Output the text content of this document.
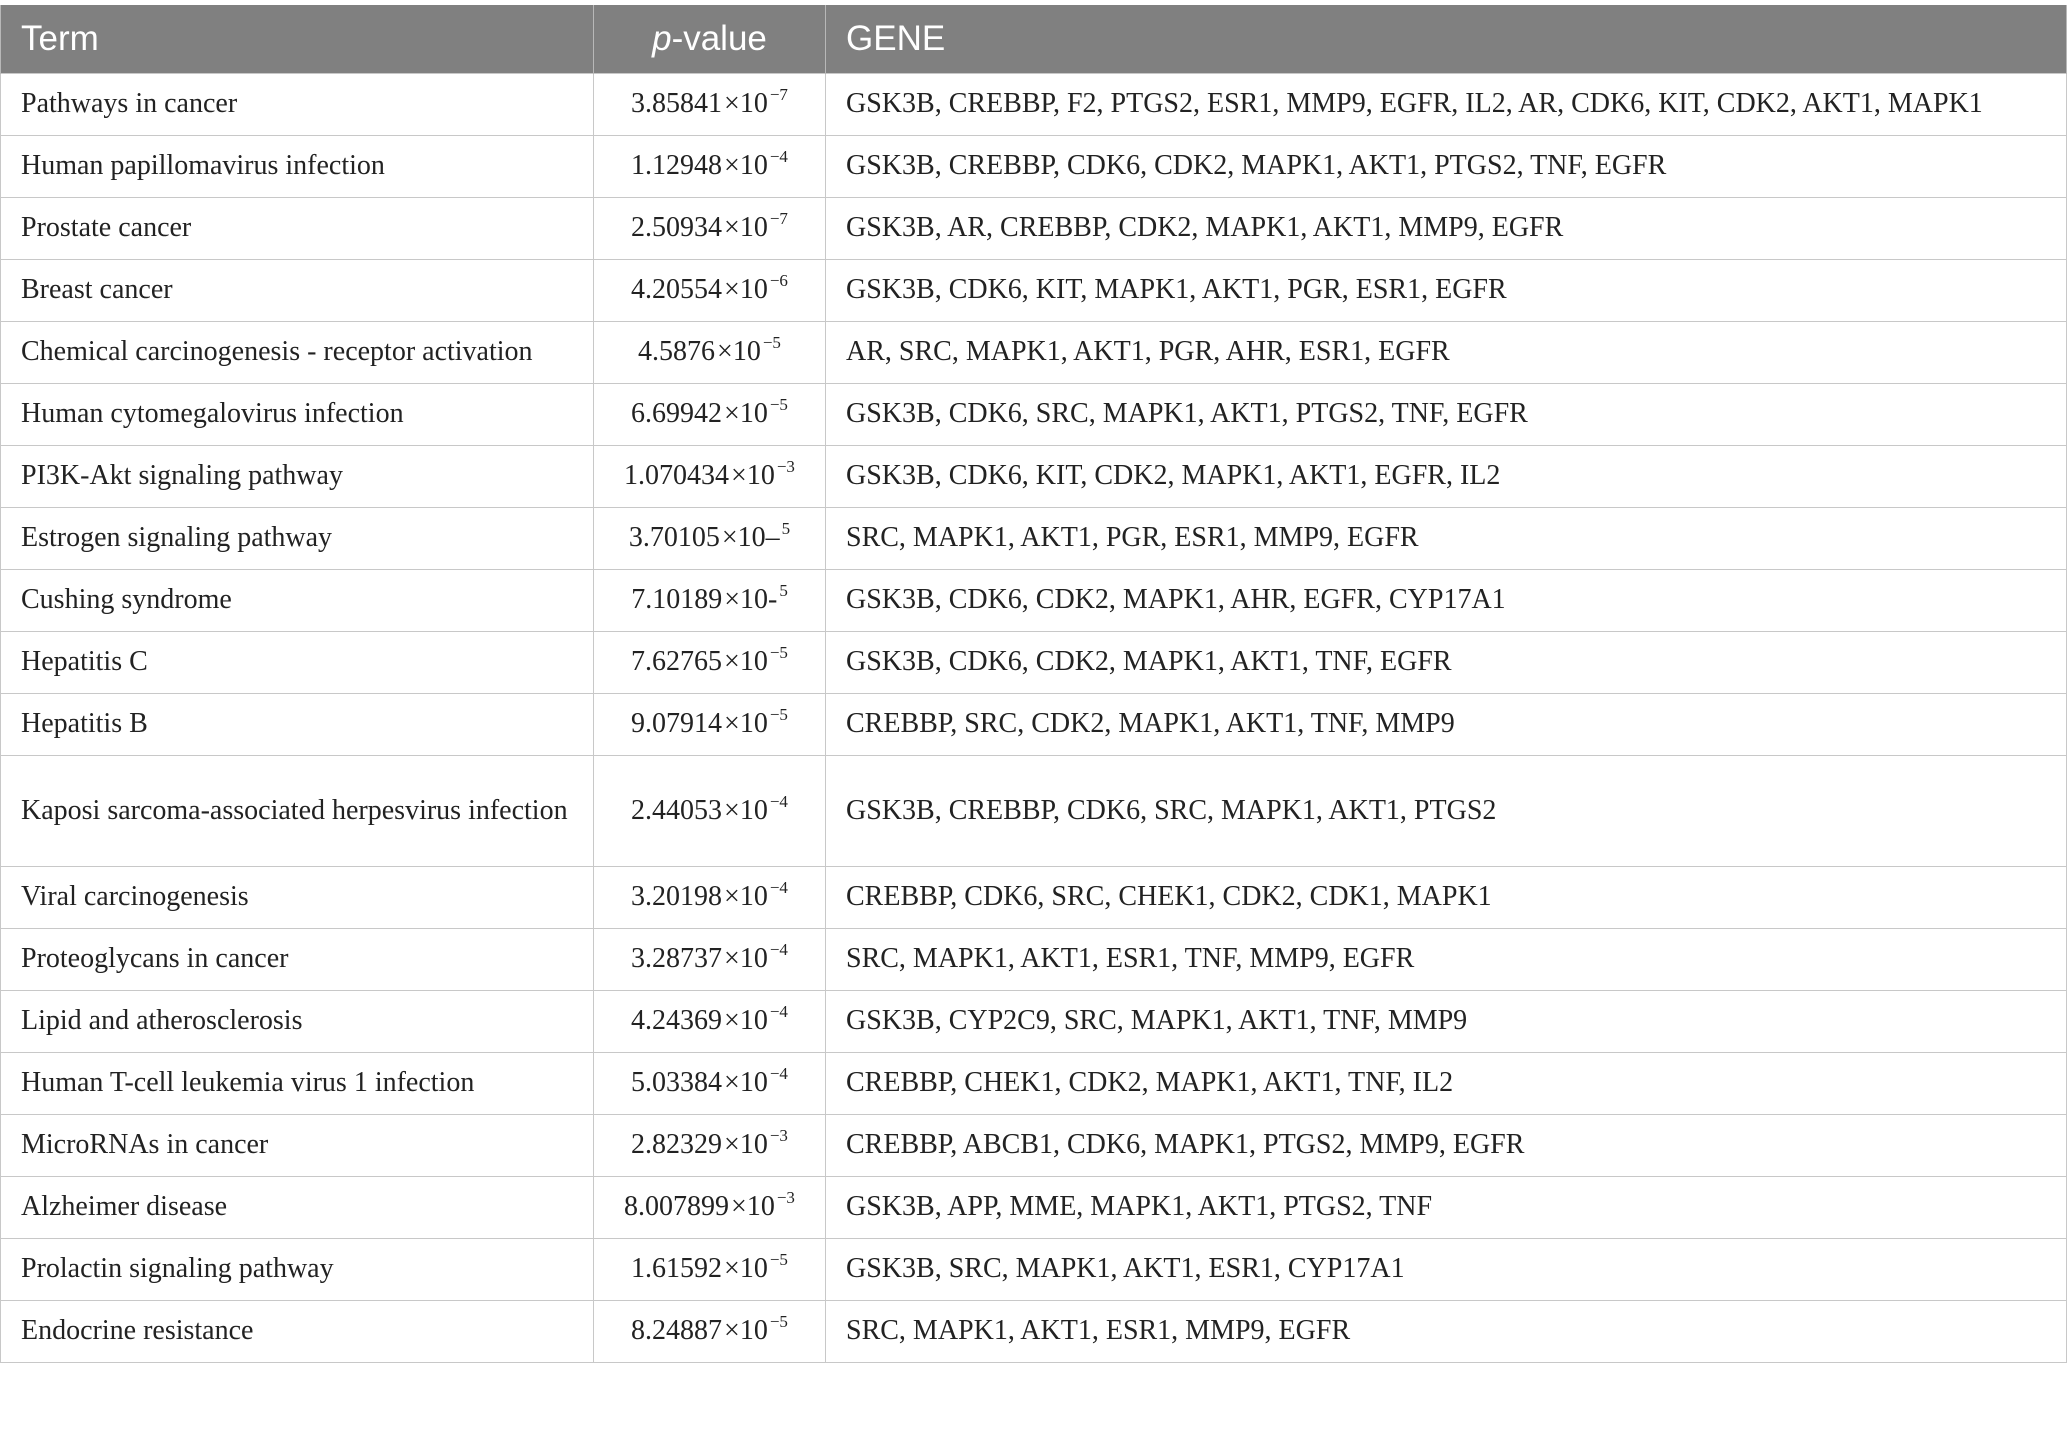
Term	p-value	GENE
Pathways in cancer	3.85841×10 $^{-7}$	GSK3B, CREBBP, F2, PTGS2, ESR1, MMP9, EGFR, IL2, AR, CDK6, KIT, CDK2, AKT1, MAPK1
Human papillomavirus infection	1.12948×10 $^{-4}$	GSK3B, CREBBP, CDK6, CDK2, MAPK1, AKT1, PTGS2, TNF, EGFR
Prostate cancer	2.50934×10 $^{-7}$	GSK3B, AR, CREBBP, CDK2, MAPK1, AKT1, MMP9, EGFR
Breast cancer	4.20554×10 $^{-6}$	GSK3B, CDK6, KIT, MAPK1, AKT1, PGR, ESR1, EGFR
Chemical carcinogenesis - receptor activation	4.5876×10 $^{-5}$	AR, SRC, MAPK1, AKT1, PGR, AHR, ESR1, EGFR
Human cytomegalovirus infection	6.69942×10 $^{-5}$	GSK3B, CDK6, SRC, MAPK1, AKT1, PTGS2, TNF, EGFR
PI3K-Akt signaling pathway	1.070434×10 $^{-3}$	GSK3B, CDK6, KIT, CDK2, MAPK1, AKT1, EGFR, IL2
Estrogen signaling pathway	3.70105×10– $^5$	SRC, MAPK1, AKT1, PGR, ESR1, MMP9, EGFR
Cushing syndrome	7.10189×10- $^5$	GSK3B, CDK6, CDK2, MAPK1, AHR, EGFR, CYP17A1
Hepatitis C	7.62765×10 $^{-5}$	GSK3B, CDK6, CDK2, MAPK1, AKT1, TNF, EGFR
Hepatitis B	9.07914×10 $^{-5}$	CREBBP, SRC, CDK2, MAPK1, AKT1, TNF, MMP9
Kaposi sarcoma-associated herpesvirus infection	2.44053×10 $^{-4}$	GSK3B, CREBBP, CDK6, SRC, MAPK1, AKT1, PTGS2
Viral carcinogenesis	3.20198×10 $^{-4}$	CREBBP, CDK6, SRC, CHEK1, CDK2, CDK1, MAPK1
Proteoglycans in cancer	3.28737×10 $^{-4}$	SRC, MAPK1, AKT1, ESR1, TNF, MMP9, EGFR
Lipid and atherosclerosis	4.24369×10 $^{-4}$	GSK3B, CYP2C9, SRC, MAPK1, AKT1, TNF, MMP9
Human T-cell leukemia virus 1 infection	5.03384×10 $^{-4}$	CREBBP, CHEK1, CDK2, MAPK1, AKT1, TNF, IL2
MicroRNAs in cancer	2.82329×10 $^{-3}$	CREBBP, ABCB1, CDK6, MAPK1, PTGS2, MMP9, EGFR
Alzheimer disease	8.007899×10 $^{-3}$	GSK3B, APP, MME, MAPK1, AKT1, PTGS2, TNF
Prolactin signaling pathway	1.61592×10 $^{-5}$	GSK3B, SRC, MAPK1, AKT1, ESR1, CYP17A1
Endocrine resistance	8.24887×10 $^{-5}$	SRC, MAPK1, AKT1, ESR1, MMP9, EGFR
